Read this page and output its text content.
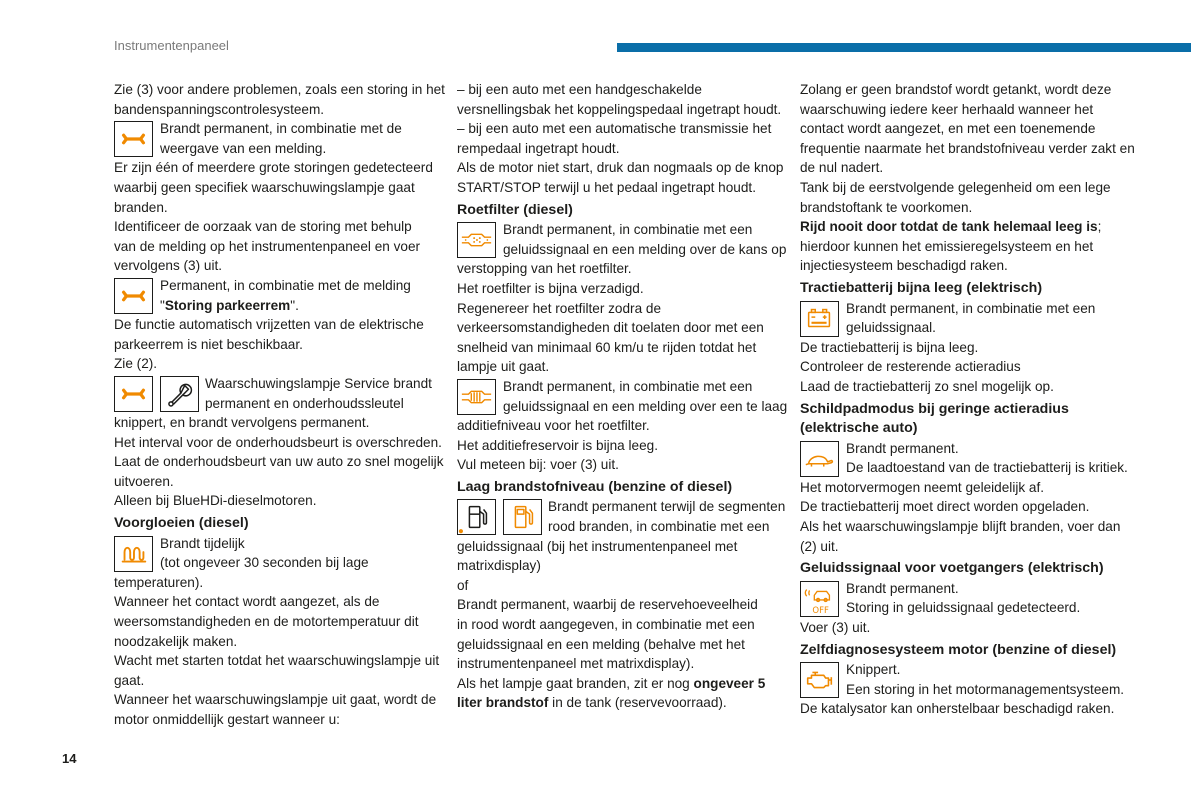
Instrumentenpaneel
Zie (3) voor andere problemen, zoals een storing in het
bandenspanningscontrolesysteem.
Brandt permanent, in combinatie met de
weergave van een melding.
Er zijn één of meerdere grote storingen gedetecteerd
waarbij geen specifiek waarschuwingslampje gaat
branden.
Identificeer de oorzaak van de storing met behulp
van de melding op het instrumentenpaneel en voer
vervolgens (3) uit.
Permanent, in combinatie met de melding
"Storing parkeerrem".
De functie automatisch vrijzetten van de elektrische
parkeerrem is niet beschikbaar.
Zie (2).
Waarschuwingslampje Service brandt
permanent en onderhoudssleutel
knippert, en brandt vervolgens permanent.
Het interval voor de onderhoudsbeurt is overschreden.
Laat de onderhoudsbeurt van uw auto zo snel mogelijk
uitvoeren.
Alleen bij BlueHDi-dieselmotoren.
Voorgloeien (diesel)
Brandt tijdelijk
(tot ongeveer 30 seconden bij lage
temperaturen).
Wanneer het contact wordt aangezet, als de
weersomstandigheden en de motortemperatuur dit
noodzakelijk maken.
Wacht met starten totdat het waarschuwingslampje uit
gaat.
Wanneer het waarschuwingslampje uit gaat, wordt de
motor onmiddellijk gestart wanneer u:
– bij een auto met een handgeschakelde
versnellingsbak het koppelingspedaal ingetrapt houdt.
– bij een auto met een automatische transmissie het
rempedaal ingetrapt houdt.
Als de motor niet start, druk dan nogmaals op de knop
START/STOP terwijl u het pedaal ingetrapt houdt.
Roetfilter (diesel)
Brandt permanent, in combinatie met een
geluidssignaal en een melding over de kans op
verstopping van het roetfilter.
Het roetfilter is bijna verzadigd.
Regenereer het roetfilter zodra de
verkeersomstandigheden dit toelaten door met een
snelheid van minimaal 60 km/u te rijden totdat het
lampje uit gaat.
Brandt permanent, in combinatie met een
geluidssignaal en een melding over een te laag
additiefniveau voor het roetfilter.
Het additiefreservoir is bijna leeg.
Vul meteen bij: voer (3) uit.
Laag brandstofniveau (benzine of diesel)
Brandt permanent terwijl de segmenten
rood branden, in combinatie met een
geluidssignaal (bij het instrumentenpaneel met
matrixdisplay)
of
Brandt permanent, waarbij de reservehoeveelheid
in rood wordt aangegeven, in combinatie met een
geluidssignaal en een melding (behalve met het
instrumentenpaneel met matrixdisplay).
Als het lampje gaat branden, zit er nog ongeveer 5
liter brandstof in de tank (reservevoorraad).
Zolang er geen brandstof wordt getankt, wordt deze
waarschuwing iedere keer herhaald wanneer het
contact wordt aangezet, en met een toenemende
frequentie naarmate het brandstofniveau verder zakt en
de nul nadert.
Tank bij de eerstvolgende gelegenheid om een lege
brandstoftank te voorkomen.
Rijd nooit door totdat de tank helemaal leeg is;
hierdoor kunnen het emissieregelsysteem en het
injectiesysteem beschadigd raken.
Tractiebatterij bijna leeg (elektrisch)
Brandt permanent, in combinatie met een
geluidssignaal.
De tractiebatterij is bijna leeg.
Controleer de resterende actieradius
Laad de tractiebatterij zo snel mogelijk op.
Schildpadmodus bij geringe actieradius
(elektrische auto)
Brandt permanent.
De laadtoestand van de tractiebatterij is kritiek.
Het motorvermogen neemt geleidelijk af.
De tractiebatterij moet direct worden opgeladen.
Als het waarschuwingslampje blijft branden, voer dan
(2) uit.
Geluidssignaal voor voetgangers (elektrisch)
OFF
Brandt permanent.
Storing in geluidssignaal gedetecteerd.
Voer (3) uit.
Zelfdiagnosesysteem motor (benzine of diesel)
Knippert.
Een storing in het motormanagementsysteem.
De katalysator kan onherstelbaar beschadigd raken.
14
